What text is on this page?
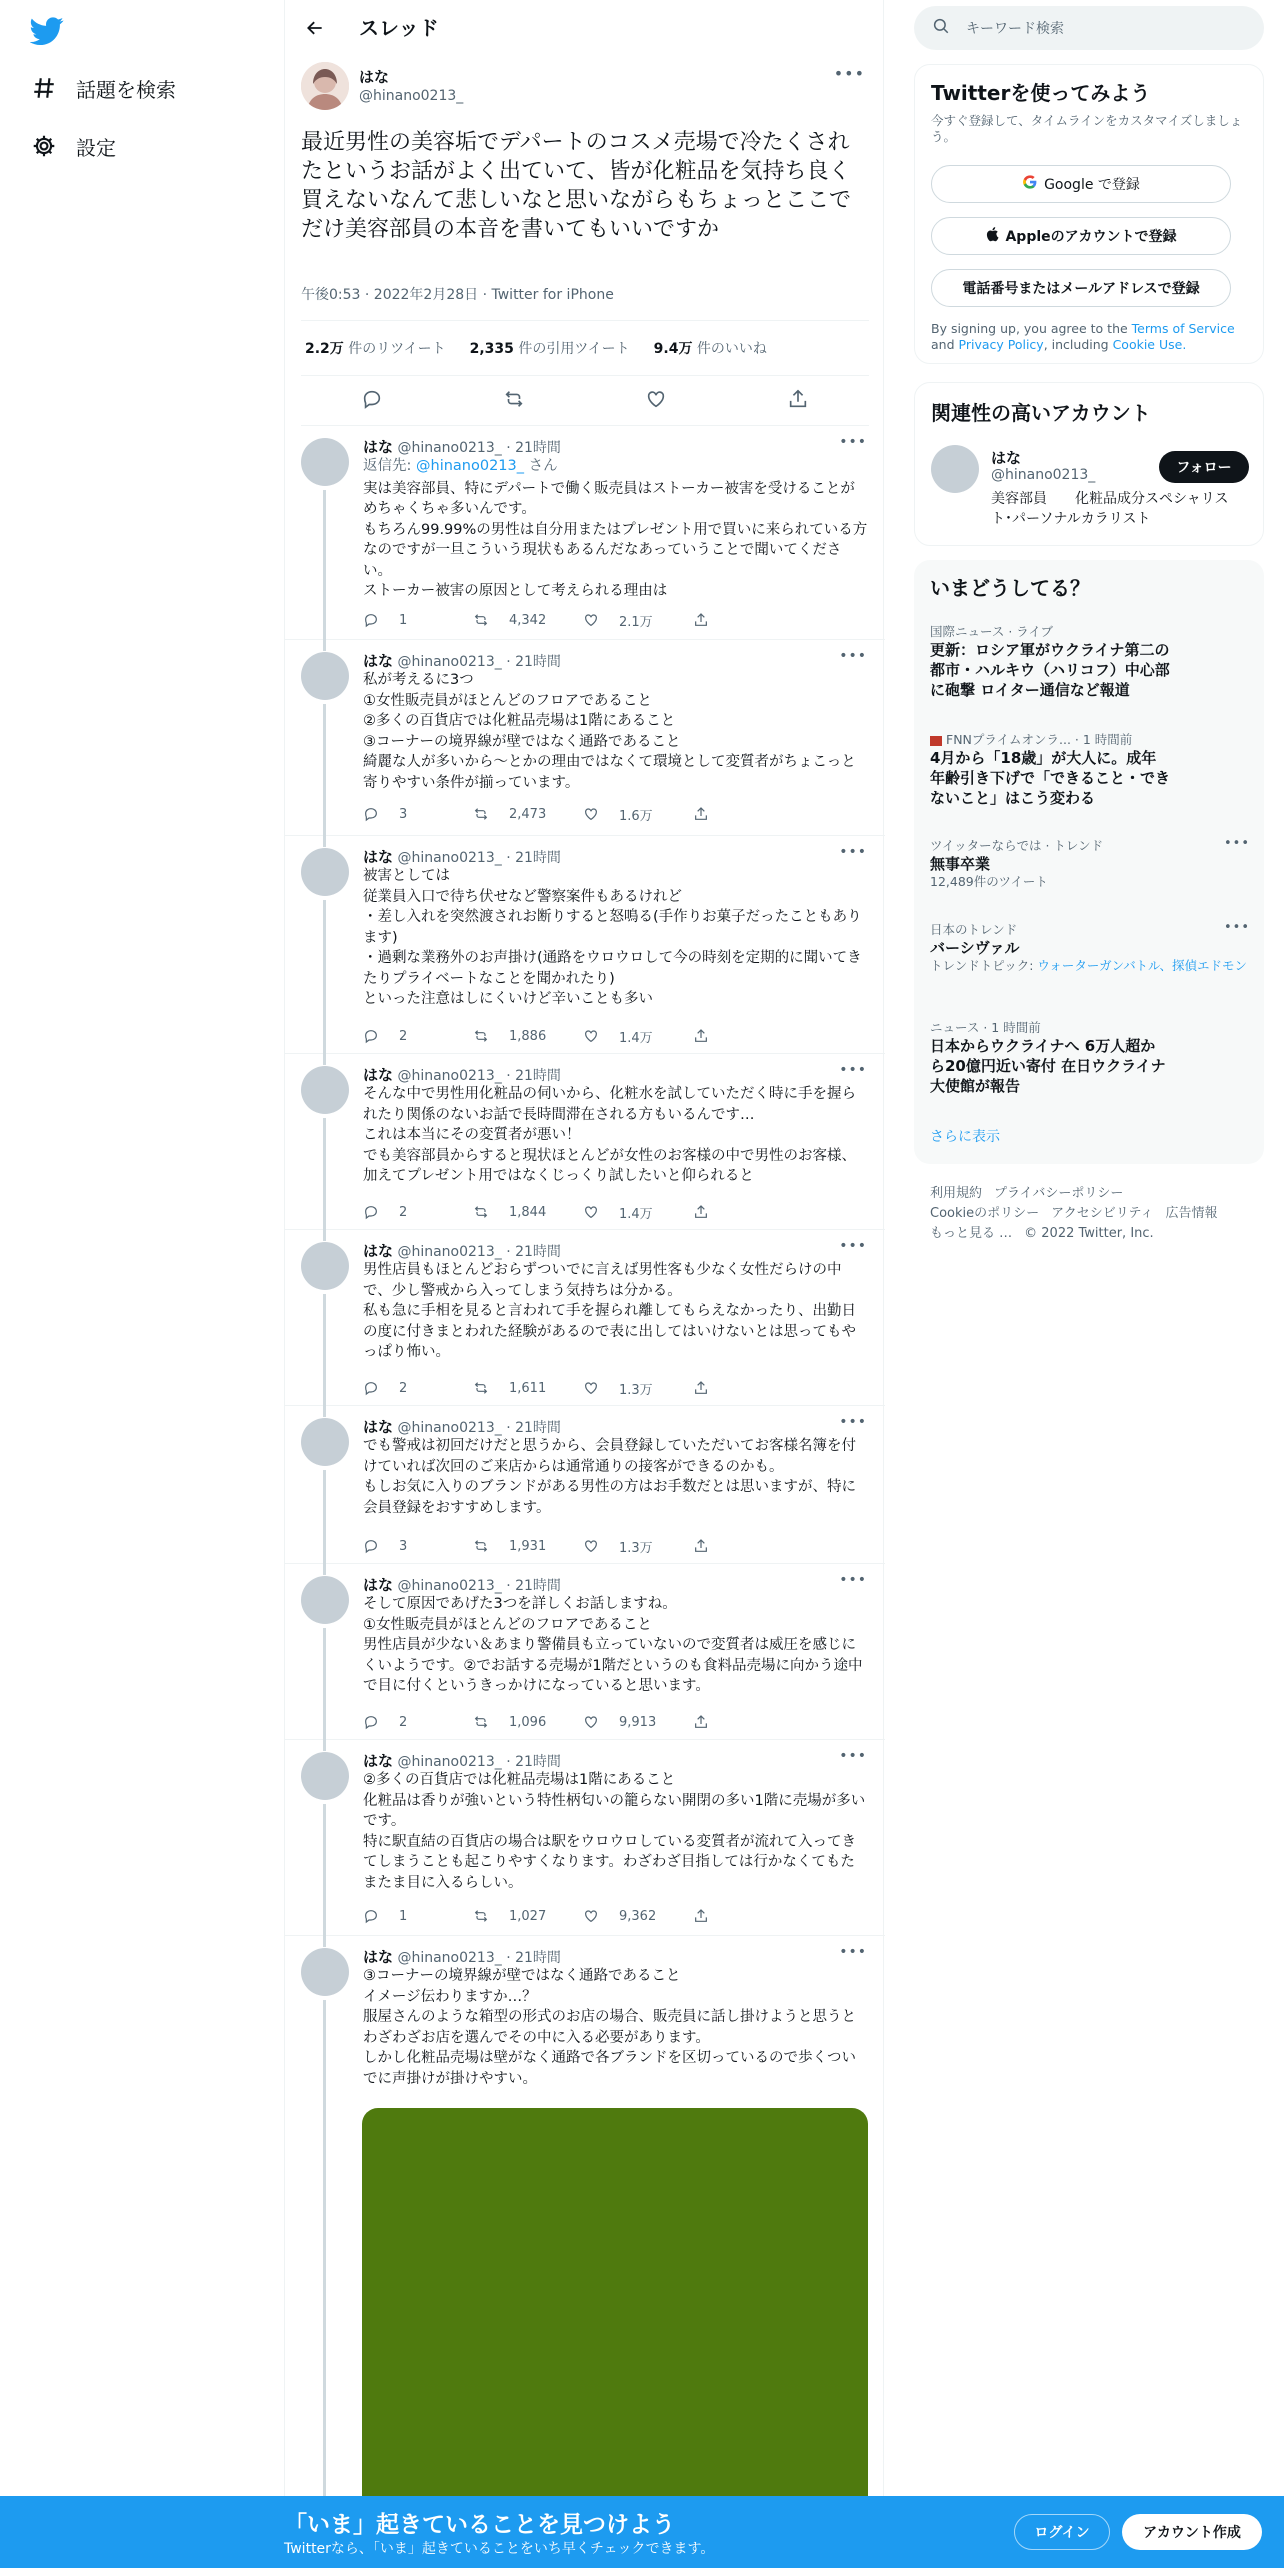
話題を検索
設定
スレッド
はな
@hinano0213_
•••
最近男性の美容垢でデパートのコスメ売場で冷たくされたというお話がよく出ていて、皆が化粧品を気持ち良く買えないなんて悲しいなと思いながらもちょっとここでだけ美容部員の本音を書いてもいいですか
午後0:53 · 2022年2月28日 · Twitter for iPhone
2.2万 件のリツイート 2,335 件の引用ツイート 9.4万 件のいいね
はな @hinano0213_ · 21時間	•••

返信先: @hinano0213_ さん

実は美容部員、特にデパートで働く販売員はストーカー被害を受けることがめちゃくちゃ多いんです。
もちろん99.99%の男性は自分用またはプレゼント用で買いに来られている方なのですが一旦こういう現状もあるんだなあっていうことで聞いてください。
ストーカー被害の原因として考えられる理由は

1	4,342	2.1万
はな @hinano0213_ · 21時間	•••

私が考えるに3つ
①女性販売員がほとんどのフロアであること
②多くの百貨店では化粧品売場は1階にあること
③コーナーの境界線が壁ではなく通路であること
綺麗な人が多いから〜とかの理由ではなくて環境として変質者がちょこっと寄りやすい条件が揃っています。

3	2,473	1.6万
はな @hinano0213_ · 21時間	•••

被害としては
従業員入口で待ち伏せなど警察案件もあるけれど
・差し入れを突然渡されお断りすると怒鳴る(手作りお菓子だったこともあります)
・過剰な業務外のお声掛け(通路をウロウロして今の時刻を定期的に聞いてきたりプライベートなことを聞かれたり)
といった注意はしにくいけど辛いことも多い

2	1,886	1.4万
はな @hinano0213_ · 21時間	•••

そんな中で男性用化粧品の伺いから、化粧水を試していただく時に手を握られたり関係のないお話で長時間滞在される方もいるんです…
これは本当にその変質者が悪い！
でも美容部員からすると現状ほとんどが女性のお客様の中で男性のお客様、加えてプレゼント用ではなくじっくり試したいと仰られると

2	1,844	1.4万
はな @hinano0213_ · 21時間	•••

男性店員もほとんどおらずついでに言えば男性客も少なく女性だらけの中で、少し警戒から入ってしまう気持ちは分かる。
私も急に手相を見ると言われて手を握られ離してもらえなかったり、出勤日の度に付きまとわれた経験があるので表に出してはいけないとは思ってもやっぱり怖い。

2	1,611	1.3万
はな @hinano0213_ · 21時間	•••

でも警戒は初回だけだと思うから、会員登録していただいてお客様名簿を付けていれば次回のご来店からは通常通りの接客ができるのかも。
もしお気に入りのブランドがある男性の方はお手数だとは思いますが、特に会員登録をおすすめします。

3	1,931	1.3万
はな @hinano0213_ · 21時間	•••

そして原因であげた3つを詳しくお話しますね。
①女性販売員がほとんどのフロアであること
男性店員が少ない＆あまり警備員も立っていないので変質者は威圧を感じにくいようです。②でお話する売場が1階だというのも食料品売場に向かう途中で目に付くというきっかけになっていると思います。

2	1,096	9,913
はな @hinano0213_ · 21時間	•••

②多くの百貨店では化粧品売場は1階にあること
化粧品は香りが強いという特性柄匂いの籠らない開閉の多い1階に売場が多いです。
特に駅直結の百貨店の場合は駅をウロウロしている変質者が流れて入ってきてしまうことも起こりやすくなります。わざわざ目指しては行かなくてもたまたま目に入るらしい。

1	1,027	9,362
はな @hinano0213_ · 21時間	•••

③コーナーの境界線が壁ではなく通路であること
イメージ伝わりますか…？
服屋さんのような箱型の形式のお店の場合、販売員に話し掛けようと思うとわざわざお店を選んでその中に入る必要があります。
しかし化粧品売場は壁がなく通路で各ブランドを区切っているので歩くついでに声掛けが掛けやすい。

キーワード検索
Twitterを使ってみよう
今すぐ登録して、タイムラインをカスタマイズしましょう。
Google で登録
Appleのアカウントで登録
電話番号またはメールアドレスで登録
By signing up, you agree to the Terms of Service and Privacy Policy, including Cookie Use.
関連性の高いアカウント
はな
@hinano0213_
美容部員　　化粧品成分スペシャリスト･パーソナルカラリスト
フォロー
いまどうしてる？
国際ニュース · ライブ
更新：ロシア軍がウクライナ第二の都市・ハルキウ（ハリコフ）中心部に砲撃 ロイター通信など報道
FNNプライムオンラ... · 1 時間前
4月から「18歳」が大人に。成年年齢引き下げで「できること・できないこと」はこう変わる
ツイッターならでは · トレンド
無事卒業
12,489件のツイート
•••
日本のトレンド
バーシヴァル
トレンドトピック: ウォーターガンバトル、探偵エドモン
•••
ニュース · 1 時間前
日本からウクライナへ 6万人超から20億円近い寄付 在日ウクライナ大使館が報告
さらに表示
利用規約 プライバシーポリシー
Cookieのポリシー アクセシビリティ 広告情報
もっと見る … © 2022 Twitter, Inc.
「いま」起きていることを見つけよう
Twitterなら、「いま」起きていることをいち早くチェックできます。
ログイン	アカウント作成
